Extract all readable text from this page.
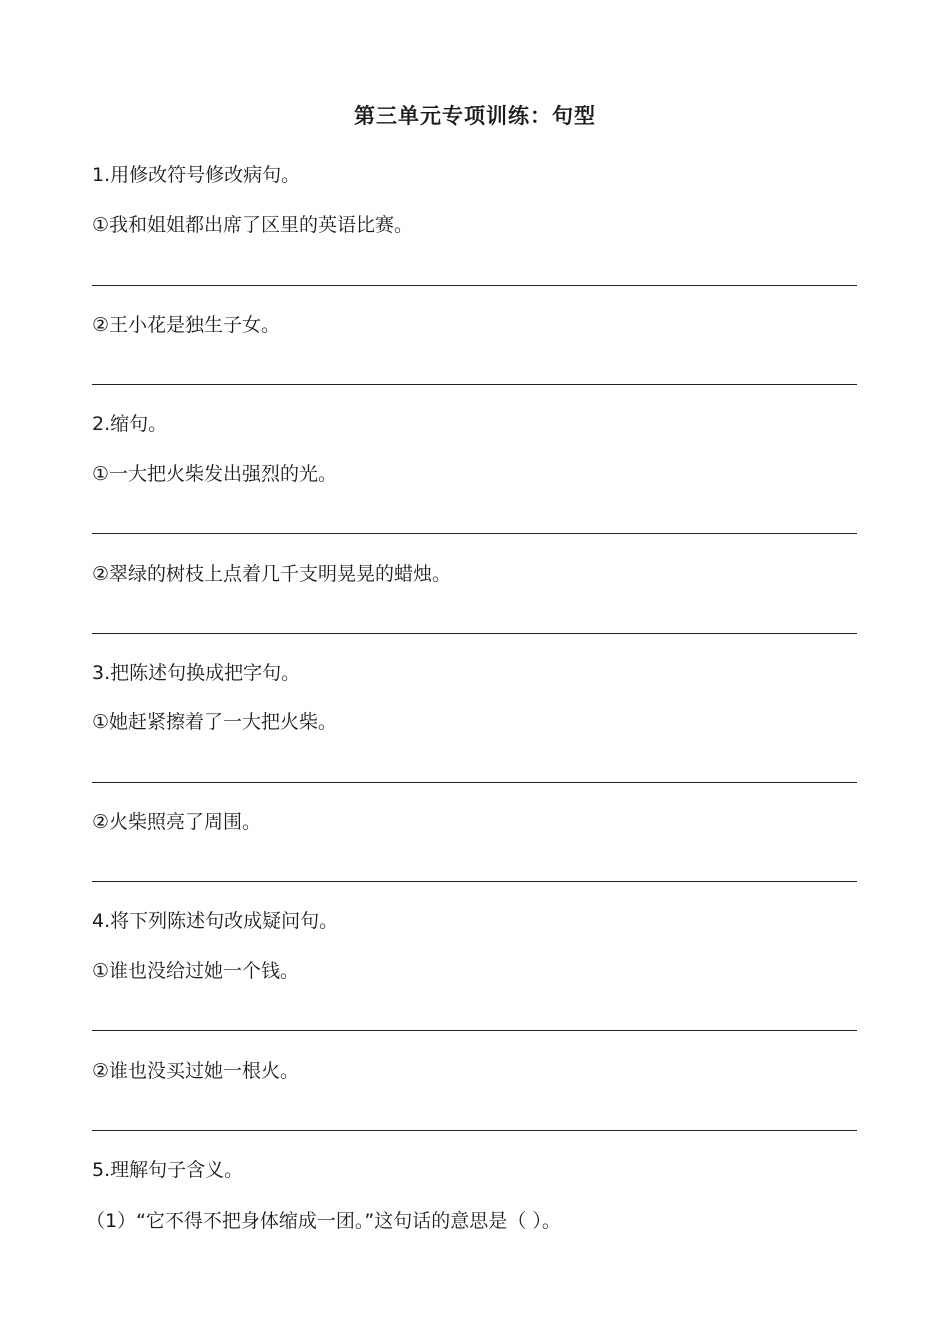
第三单元专项训练：句型
1.用修改符号修改病句。
①我和姐姐都出席了区里的英语比赛。
②王小花是独生子女。
2.缩句。
①一大把火柴发出强烈的光。
②翠绿的树枝上点着几千支明晃晃的蜡烛。
3.把陈述句换成把字句。
①她赶紧擦着了一大把火柴。
②火柴照亮了周围。
4.将下列陈述句改成疑问句。
①谁也没给过她一个钱。
②谁也没买过她一根火。
5.理解句子含义。
（1）“它不得不把身体缩成一团。”这句话的意思是（ ）。
